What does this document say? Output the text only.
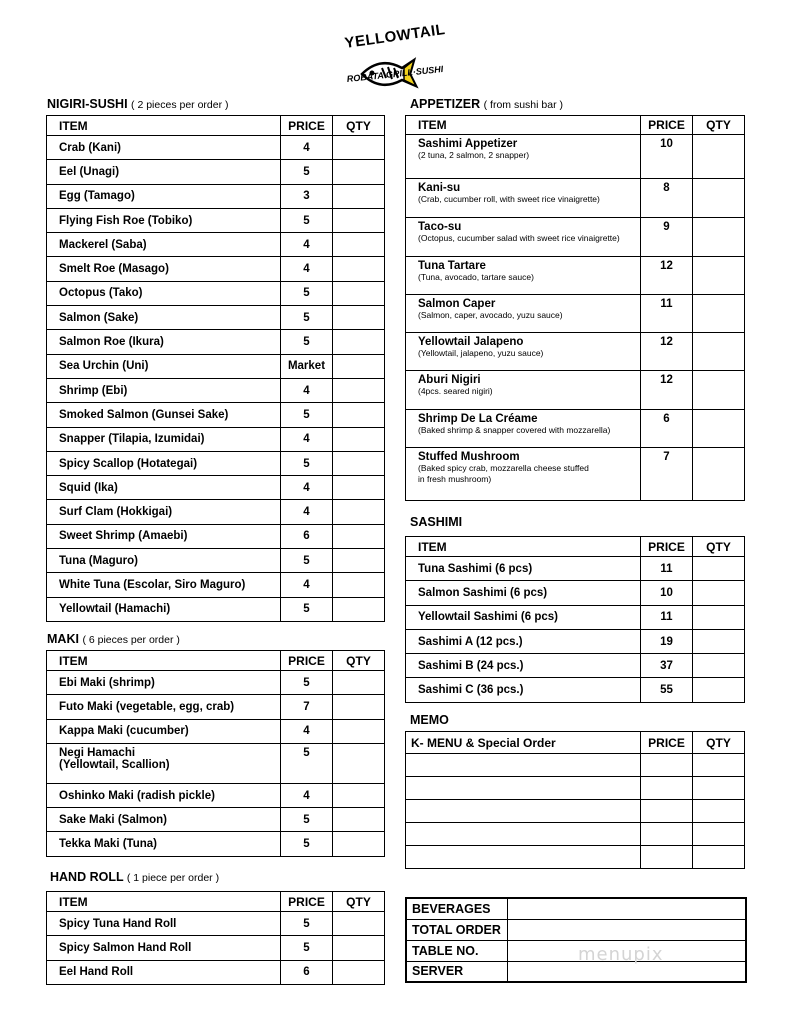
YELLOWTAIL
ROBATA GRILL·SUSHI
NIGIRI-SUSHI ( 2 pieces per order )
ITEM	PRICE	QTY
Crab (Kani)	4	
Eel (Unagi)	5	
Egg (Tamago)	3	
Flying Fish Roe (Tobiko)	5	
Mackerel (Saba)	4	
Smelt Roe (Masago)	4	
Octopus (Tako)	5	
Salmon (Sake)	5	
Salmon Roe (Ikura)	5	
Sea Urchin (Uni)	Market	
Shrimp (Ebi)	4	
Smoked Salmon (Gunsei Sake)	5	
Snapper (Tilapia, Izumidai)	4	
Spicy Scallop (Hotategai)	5	
Squid (Ika)	4	
Surf Clam (Hokkigai)	4	
Sweet Shrimp (Amaebi)	6	
Tuna (Maguro)	5	
White Tuna (Escolar, Siro Maguro)	4	
Yellowtail (Hamachi)	5	
MAKI ( 6 pieces per order )
ITEM	PRICE	QTY
Ebi Maki (shrimp)	5	
Futo Maki (vegetable, egg, crab)	7	
Kappa Maki (cucumber)	4	
Negi Hamachi
(Yellowtail, Scallion)	5	
Oshinko Maki (radish pickle)	4	
Sake Maki (Salmon)	5	
Tekka Maki (Tuna)	5	
HAND ROLL ( 1 piece per order )
ITEM	PRICE	QTY
Spicy Tuna Hand Roll	5	
Spicy Salmon Hand Roll	5	
Eel Hand Roll	6	
APPETIZER ( from sushi bar )
ITEM	PRICE	QTY
Sashimi Appetizer
(2 tuna, 2 salmon, 2 snapper)	10	
Kani-su
(Crab, cucumber roll, with sweet rice vinaigrette)	8	
Taco-su
(Octopus, cucumber salad with sweet rice vinaigrette)	9	
Tuna Tartare
(Tuna, avocado, tartare sauce)	12	
Salmon Caper
(Salmon, caper, avocado, yuzu sauce)	11	
Yellowtail Jalapeno
(Yellowtail, jalapeno, yuzu sauce)	12	
Aburi Nigiri
(4pcs. seared nigiri)	12	
Shrimp De La Créame
(Baked shrimp & snapper covered with mozzarella)	6	
Stuffed Mushroom
(Baked spicy crab, mozzarella cheese stuffed
in fresh mushroom)	7	
SASHIMI
ITEM	PRICE	QTY
Tuna Sashimi (6 pcs)	11	
Salmon Sashimi (6 pcs)	10	
Yellowtail Sashimi (6 pcs)	11	
Sashimi A (12 pcs.)	19	
Sashimi B (24 pcs.)	37	
Sashimi C (36 pcs.)	55	
MEMO
K- MENU & Special Order	PRICE	QTY

BEVERAGES	
TOTAL ORDER	
TABLE NO.	
SERVER	
menupix
